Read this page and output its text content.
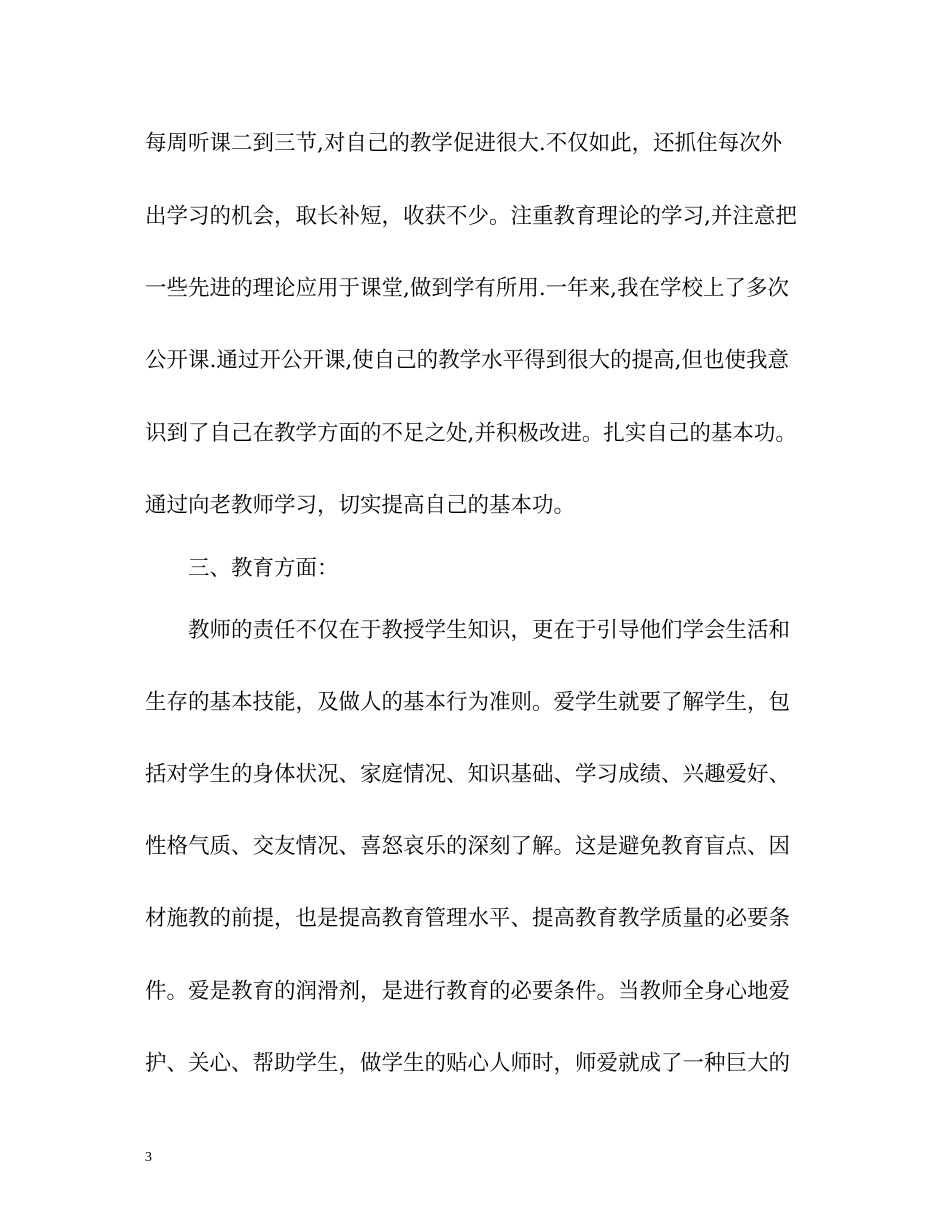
每周听课二到三节,对自己的教学促进很大.不仅如此，还抓住每次外
出学习的机会，取长补短，收获不少。注重教育理论的学习,并注意把
一些先进的理论应用于课堂,做到学有所用.一年来,我在学校上了多次
公开课.通过开公开课,使自己的教学水平得到很大的提高,但也使我意
识到了自己在教学方面的不足之处,并积极改进。扎实自己的基本功。
通过向老教师学习，切实提高自己的基本功。
三、教育方面：
教师的责任不仅在于教授学生知识，更在于引导他们学会生活和
生存的基本技能，及做人的基本行为准则。爱学生就要了解学生，包
括对学生的身体状况、家庭情况、知识基础、学习成绩、兴趣爱好、
性格气质、交友情况、喜怒哀乐的深刻了解。这是避免教育盲点、因
材施教的前提，也是提高教育管理水平、提高教育教学质量的必要条
件。爱是教育的润滑剂，是进行教育的必要条件。当教师全身心地爱
护、关心、帮助学生，做学生的贴心人师时，师爱就成了一种巨大的
3
